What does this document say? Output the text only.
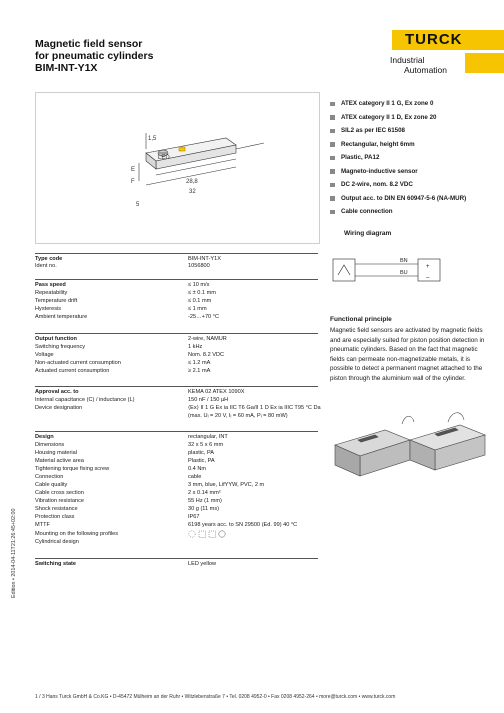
Magnetic field sensor
for pneumatic cylinders
BIM-INT-Y1X
TURCK
Industrial
Automation
1,5
LED
E
F	28,8
32
5
ATEX category II 1 G, Ex zone 0
ATEX category II 1 D, Ex zone 20
SIL2 as per IEC 61508
Rectangular, height 6mm
Plastic, PA12
Magneto-inductive sensor
DC 2-wire, nom. 8.2 VDC
Output acc. to DIN EN 60947-5-6 (NA-MUR)
Cable connection
Wiring diagram
BN
BU
+
–
Functional principle
Magnetic field sensors are activated by magnetic fields and are especially suited for piston position detection in pneumatic cylinders. Based on the fact that magnetic fields can permeate non-magnetizable metals, it is possible to detect a permanent magnet attached to the piston through the aluminium wall of the cylinder.
Type code	BIM-INT-Y1X
Ident no.	1056800
Pass speed	≤ 10 m/s
Repeatability	≤ ± 0.1 mm
Temperature drift	≤ 0.1 mm
Hysteresis	≤ 1 mm
Ambient temperature	-25…+70 °C
Output function	2-wire, NAMUR
Switching frequency	1 kHz
Voltage	Nom. 8.2 VDC
Non-actuated current consumption	≤ 1.2 mA
Actuated current consumption	≥ 2.1 mA
Approval acc. to	KEMA 02 ATEX 1090X
Internal capacitance (C) / inductance (L)	150 nF / 150 µH
Device designation	⟨Ex⟩ II 1 G Ex ia IIC T6 Ga/II 1 D Ex ia IIIC T95 °C Da
(max. Uᵢ = 20 V, Iᵢ = 60 mA, Pᵢ = 80 mW)
Design	rectangular, INT
Dimensions	32 x 5 x 6 mm
Housing material	plastic, PA
Material active area	Plastic, PA
Tightening torque fixing screw	0.4 Nm
Connection	cable
Cable quality	3 mm, blue, LifYYW, PVC, 2 m
Cable cross section	2 x 0.14 mm²
Vibration resistance	55 Hz (1 mm)
Shock resistance	30 g (11 ms)
Protection class	IP67
MTTF	6198 years acc. to SN 29500 (Ed. 99) 40 °C
Mounting on the following profiles
Cylindrical design
Switching state	LED yellow
Edition • 2014-04-11T21:26:45+02:00
1 / 3 Hans Turck GmbH & Co.KG • D-45472 Mülheim an der Ruhr • Witzlebenstraße 7 • Tel. 0208 4952-0 • Fax 0208 4952-264 • more@turck.com • www.turck.com
